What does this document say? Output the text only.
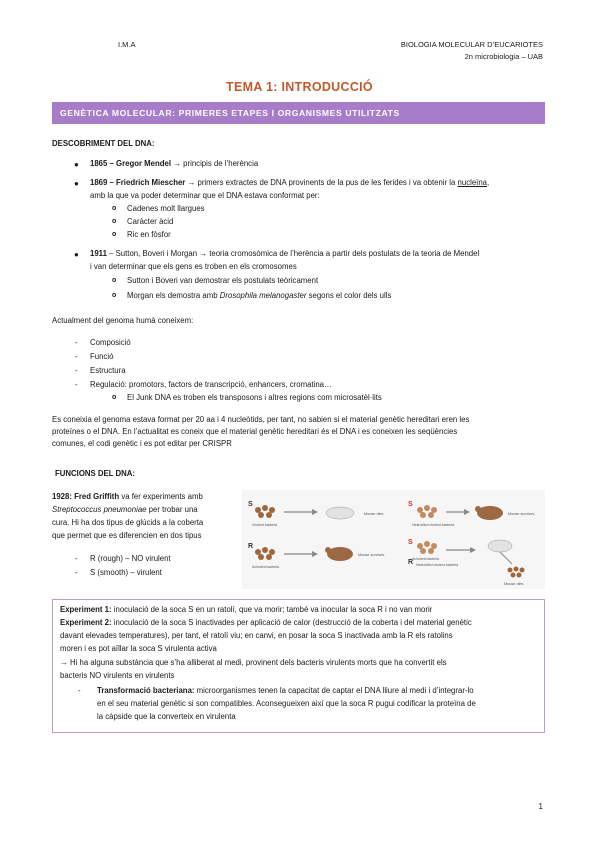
I.M.A	BIOLOGIA MOLECULAR D’EUCARIOTES
2n microbiologia – UAB
TEMA 1: INTRODUCCIÓ
GENÈTICA MOLECULAR: PRIMERES ETAPES I ORGANISMES UTILITZATS
DESCOBRIMENT DEL DNA:
● 1865 – Gregor Mendel → principis de l’herència
● 1869 – Friedrich Miescher → primers extractes de DNA provinents de la pus de les ferides i va obtenir la nucleïna,
amb la que va poder determinar que el DNA estava conformat per:
o Cadenes molt llargues
o Caràcter àcid
o Ric en fòsfor
● 1911 – Sutton, Boveri i Morgan → teoria cromosòmica de l’herència a partir dels postulats de la teoria de Mendel
i van determinar que els gens es troben en els cromosomes
o Sutton i Boveri van demostrar els postulats teòricament
o Morgan els demostra amb Drosophila melanogaster segons el color dels ulls
Actualment del genoma humà coneixem:
- Composició
- Funció
- Estructura
- Regulació: promotors, factors de transcripció, enhancers, cromatina…
o El Junk DNA es troben els transposons i altres regions com microsatèl·lits
Es coneixia el genoma estava format per 20 aa i 4 nucleòtids, per tant, no sabien si el material genètic hereditari eren les
proteïnes o el DNA. En l’actualitat es coneix que el material genètic hereditari és el DNA i es coneixen les seqüències
comunes, el codi genètic i es pot editar per CRISPR
FUNCIONS DEL DNA:
1928: Fred Griffith va fer experiments amb
Streptococcus pneumoniae per trobar una
cura. Hi ha dos tipus de glúcids a la coberta
que permet que es diferencien en dos tipus
- R (rough) – NO virulent
- S (smooth) – virulent
S
Virulent bacteria
Mouse dies
R
Avirulent bacteria
Mouse survives
S
Heat-killed virulent bacteria
Mouse survives
S
R
Avirulent bacteria
Heat-killed virulent bacteria
Mouse dies
Experiment 1: inoculació de la soca S en un ratolí, que va morir; també va inocular la soca R i no van morir
Experiment 2: inoculació de la soca S inactivades per aplicació de calor (destrucció de la coberta i del material genètic
davant elevades temperatures), per tant, el ratolí viu; en canvi, en posar la soca S inactivada amb la R els ratolins
moren i es pot aïllar la soca S virulenta activa
→ Hi ha alguna substància que s’ha alliberat al medi, provinent dels bacteris virulents morts que ha convertit els
bacteris NO virulents en virulents
- Transformació bacteriana: microorganismes tenen la capacitat de captar el DNA lliure al medi i d’integrar-lo
en el seu material genètic si son compatibles. Aconsegueixen així que la soca R pugui codificar la proteïna de
la càpside que la converteix en virulenta
1
